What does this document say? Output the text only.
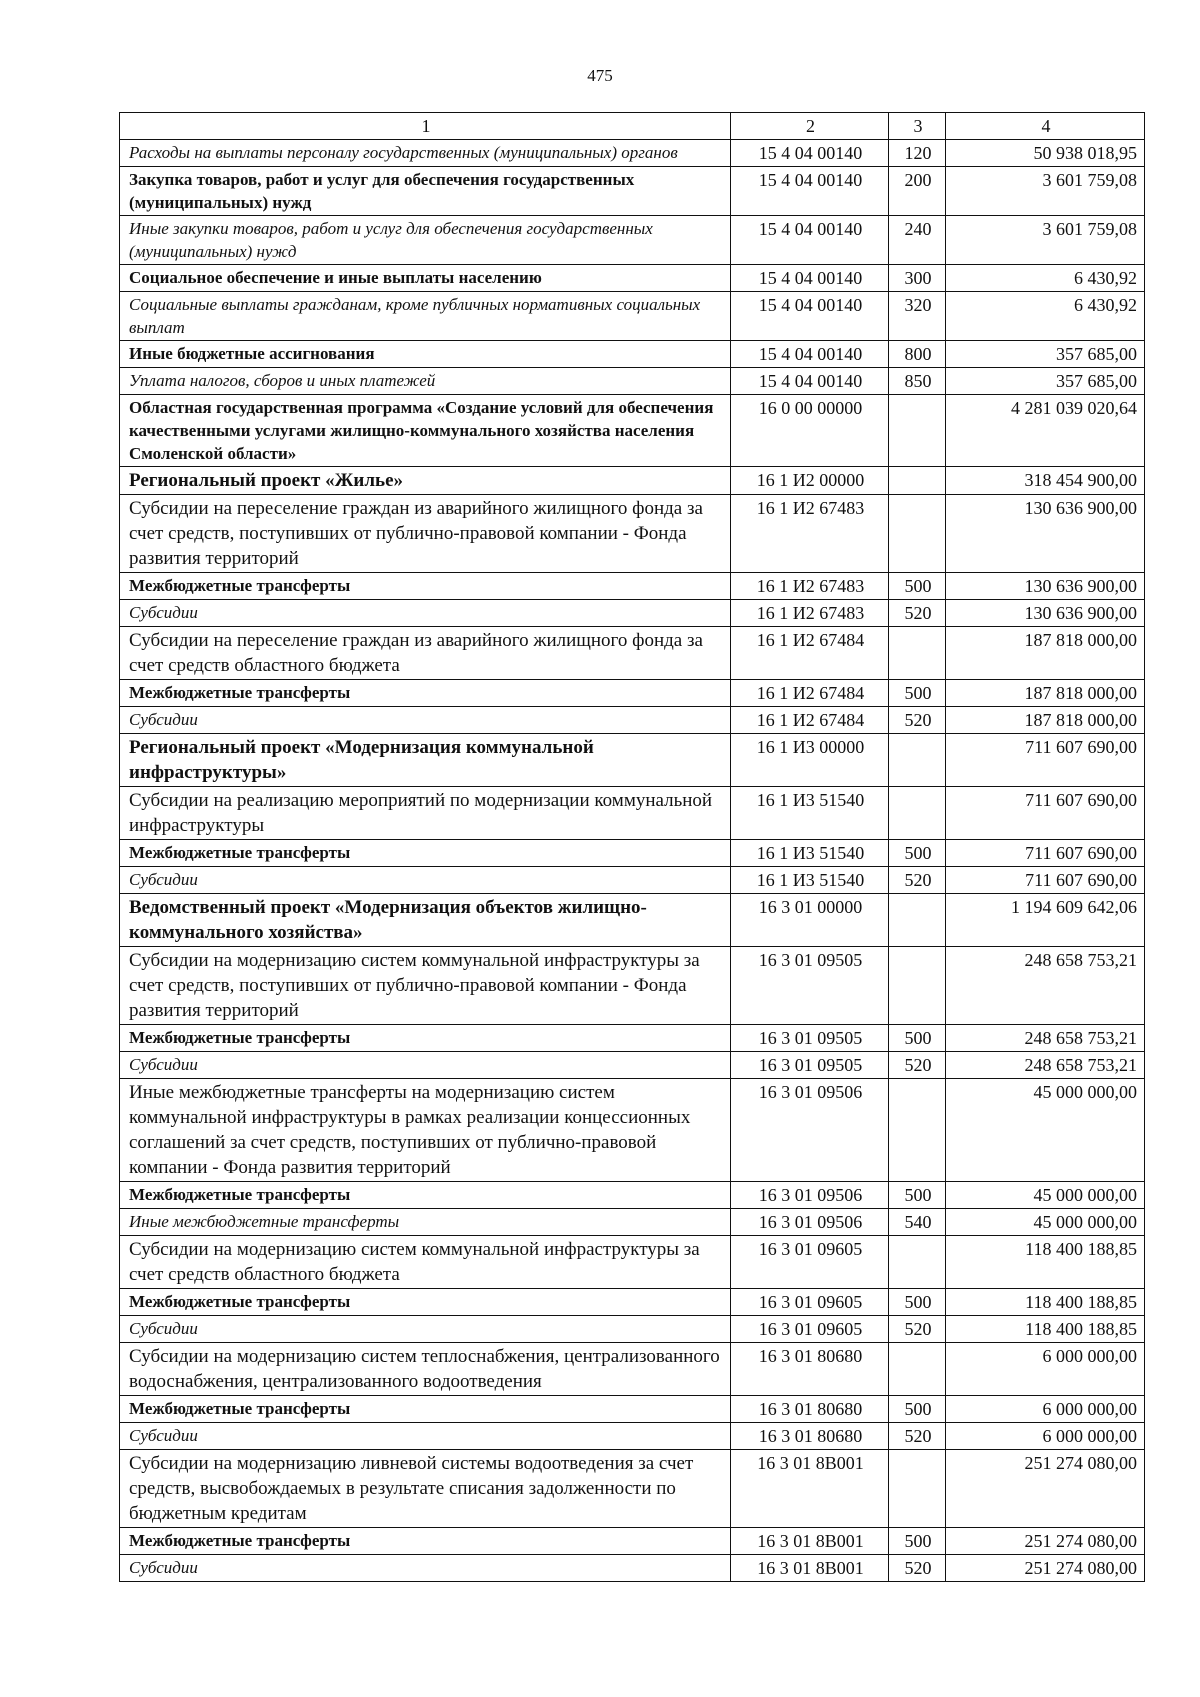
475
1	2	3	4
Расходы на выплаты персоналу государственных (муниципальных) органов	15 4 04 00140	120	50 938 018,95
Закупка товаров, работ и услуг для обеспечения государственных (муниципальных) нужд	15 4 04 00140	200	3 601 759,08
Иные закупки товаров, работ и услуг для обеспечения государственных (муниципальных) нужд	15 4 04 00140	240	3 601 759,08
Социальное обеспечение и иные выплаты населению	15 4 04 00140	300	6 430,92
Социальные выплаты гражданам, кроме публичных нормативных социальных выплат	15 4 04 00140	320	6 430,92
Иные бюджетные ассигнования	15 4 04 00140	800	357 685,00
Уплата налогов, сборов и иных платежей	15 4 04 00140	850	357 685,00
Областная государственная программа «Создание условий для обеспечения качественными услугами жилищно-коммунального хозяйства населения Смоленской области»	16 0 00 00000		4 281 039 020,64
Региональный проект «Жилье»	16 1 И2 00000		318 454 900,00
Субсидии на переселение граждан из аварийного жилищного фонда за счет средств, поступивших от публично-правовой компании - Фонда развития территорий	16 1 И2 67483		130 636 900,00
Межбюджетные трансферты	16 1 И2 67483	500	130 636 900,00
Субсидии	16 1 И2 67483	520	130 636 900,00
Субсидии на переселение граждан из аварийного жилищного фонда за счет средств областного бюджета	16 1 И2 67484		187 818 000,00
Межбюджетные трансферты	16 1 И2 67484	500	187 818 000,00
Субсидии	16 1 И2 67484	520	187 818 000,00
Региональный проект «Модернизация коммунальной инфраструктуры»	16 1 И3 00000		711 607 690,00
Субсидии на реализацию мероприятий по модернизации коммунальной инфраструктуры	16 1 И3 51540		711 607 690,00
Межбюджетные трансферты	16 1 И3 51540	500	711 607 690,00
Субсидии	16 1 И3 51540	520	711 607 690,00
Ведомственный проект «Модернизация объектов жилищно-коммунального хозяйства»	16 3 01 00000		1 194 609 642,06
Субсидии на модернизацию систем коммунальной инфраструктуры за счет средств, поступивших от публично-правовой компании - Фонда развития территорий	16 3 01 09505		248 658 753,21
Межбюджетные трансферты	16 3 01 09505	500	248 658 753,21
Субсидии	16 3 01 09505	520	248 658 753,21
Иные межбюджетные трансферты на модернизацию систем коммунальной инфраструктуры в рамках реализации концессионных соглашений за счет средств, поступивших от публично-правовой компании - Фонда развития территорий	16 3 01 09506		45 000 000,00
Межбюджетные трансферты	16 3 01 09506	500	45 000 000,00
Иные межбюджетные трансферты	16 3 01 09506	540	45 000 000,00
Субсидии на модернизацию систем коммунальной инфраструктуры за счет средств областного бюджета	16 3 01 09605		118 400 188,85
Межбюджетные трансферты	16 3 01 09605	500	118 400 188,85
Субсидии	16 3 01 09605	520	118 400 188,85
Субсидии на модернизацию систем теплоснабжения, централизованного водоснабжения, централизованного водоотведения	16 3 01 80680		6 000 000,00
Межбюджетные трансферты	16 3 01 80680	500	6 000 000,00
Субсидии	16 3 01 80680	520	6 000 000,00
Субсидии на модернизацию ливневой системы водоотведения за счет средств, высвобождаемых в результате списания задолженности по бюджетным кредитам	16 3 01 8В001		251 274 080,00
Межбюджетные трансферты	16 3 01 8В001	500	251 274 080,00
Субсидии	16 3 01 8В001	520	251 274 080,00
